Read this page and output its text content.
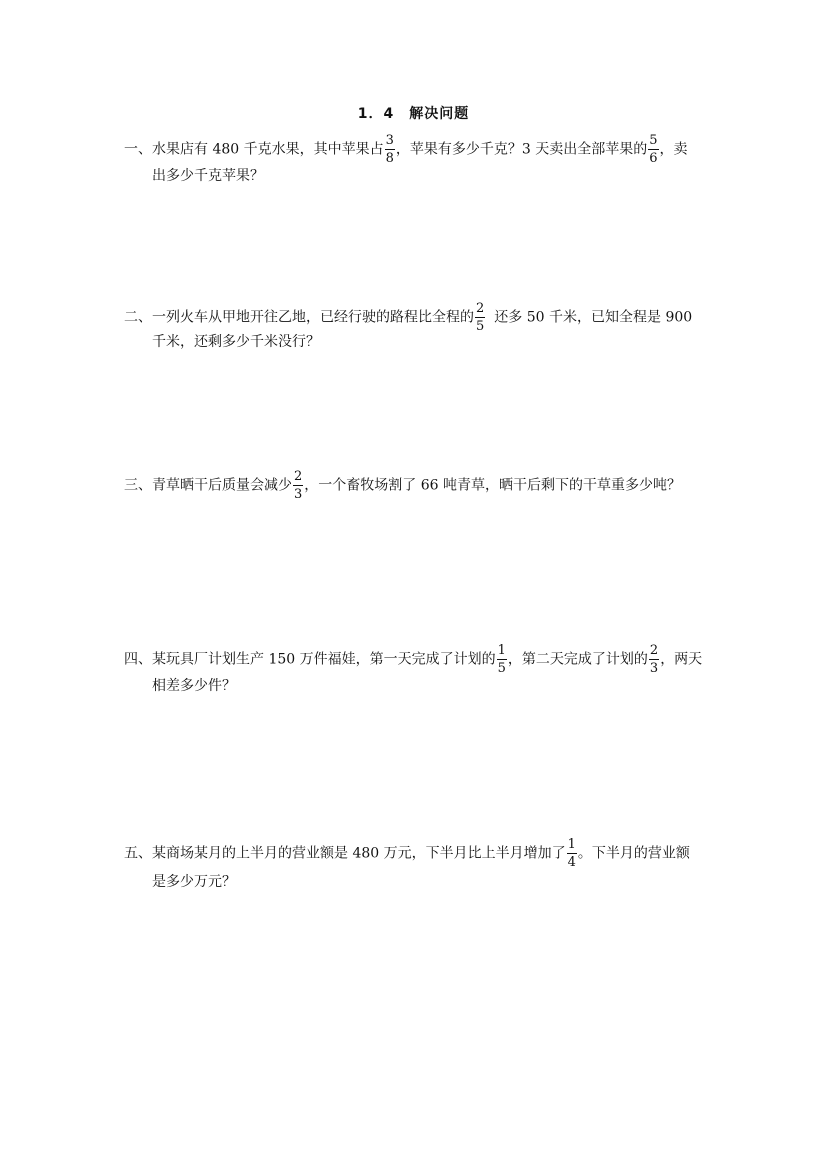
1．4　解决问题
一、水果店有 480 千克水果，其中苹果占 $\frac{3}{8}$ ，苹果有多少千克？3 天卖出全部苹果的 $\frac{5}{6}$ ，卖
出多少千克苹果？
二、一列火车从甲地开往乙地，已经行驶的路程比全程的 $\frac{2}{5}$ 还多 50 千米，已知全程是 900
千米，还剩多少千米没行？
三、青草晒干后质量会减少 $\frac{2}{3}$ ，一个畜牧场割了 66 吨青草，晒干后剩下的干草重多少吨？
四、某玩具厂计划生产 150 万件福娃，第一天完成了计划的 $\frac{1}{5}$ ，第二天完成了计划的 $\frac{2}{3}$ ，两天
相差多少件？
五、某商场某月的上半月的营业额是 480 万元，下半月比上半月增加了 $\frac{1}{4}$ 。下半月的营业额
是多少万元？
